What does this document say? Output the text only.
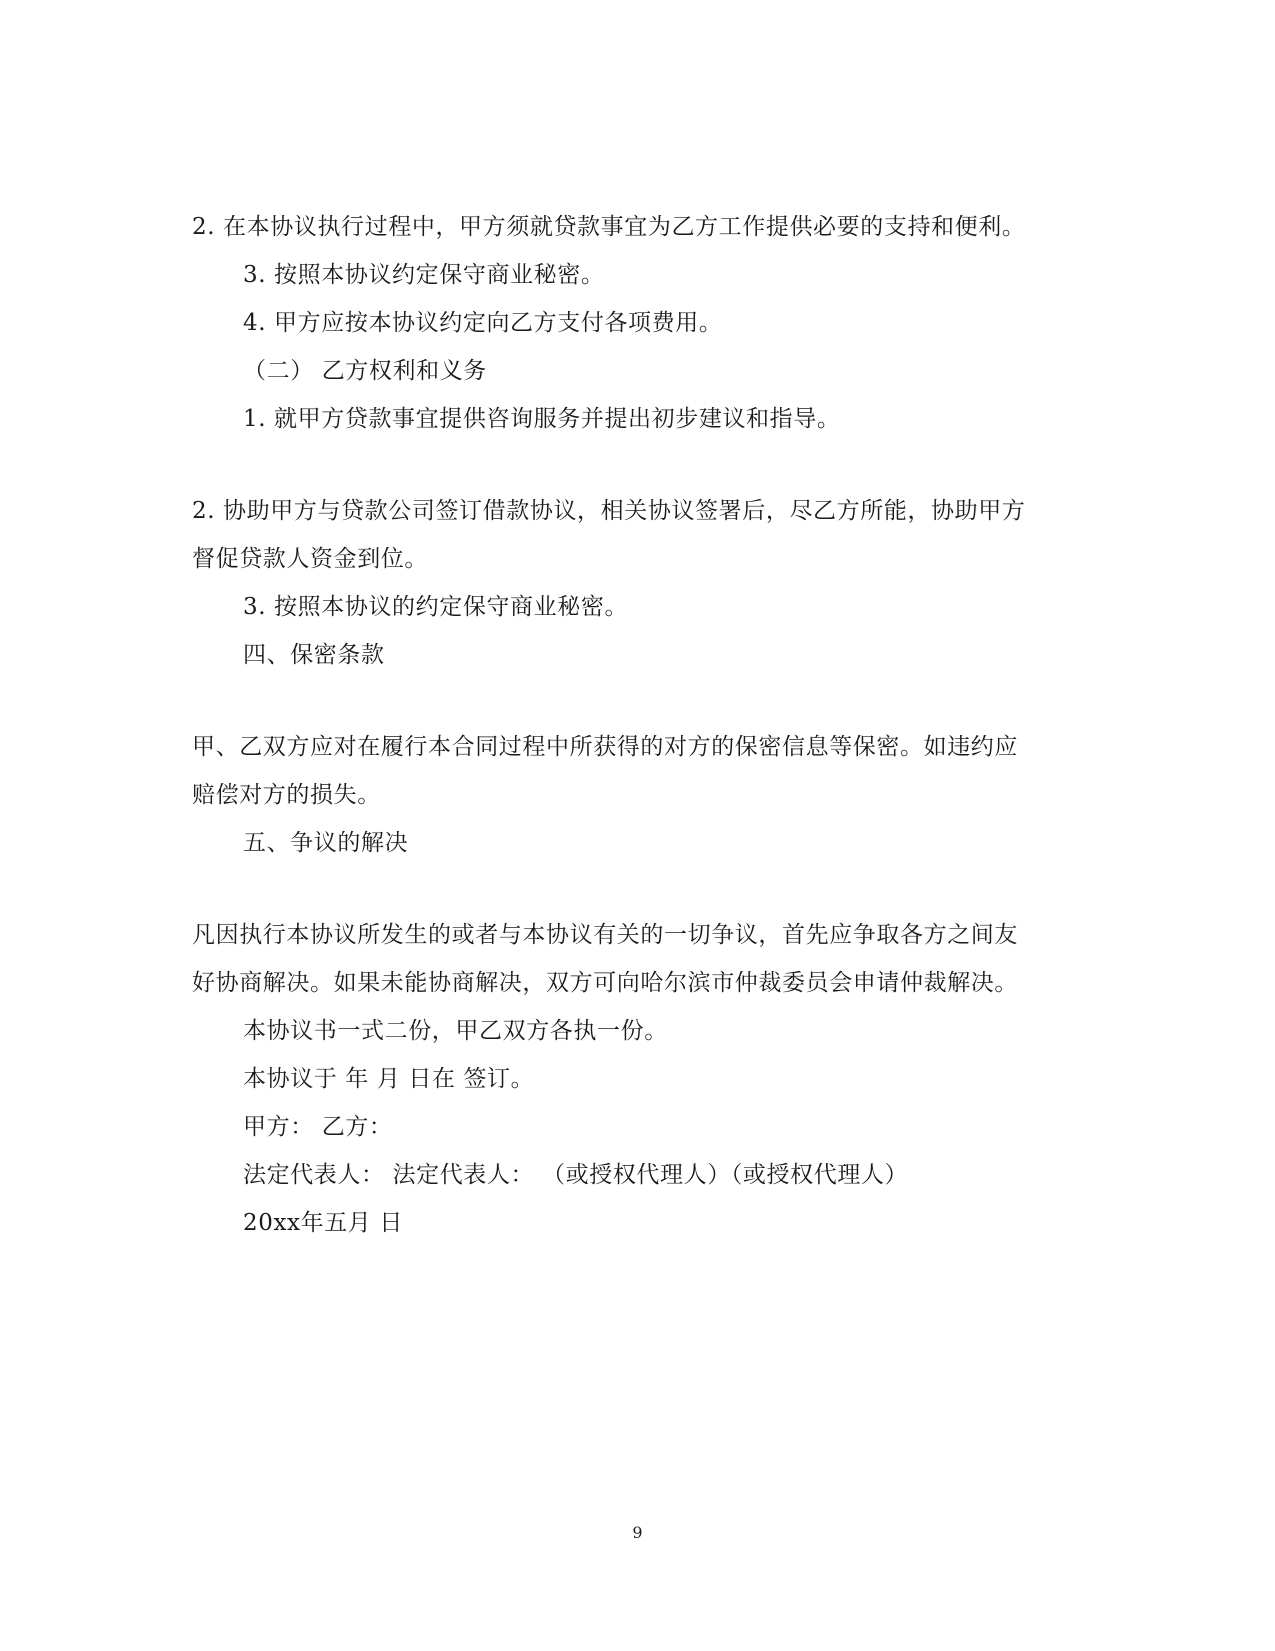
2. 在本协议执行过程中，甲方须就贷款事宜为乙方工作提供必要的支持和便利。
3. 按照本协议约定保守商业秘密。
4. 甲方应按本协议约定向乙方支付各项费用。
（二） 乙方权利和义务
1. 就甲方贷款事宜提供咨询服务并提出初步建议和指导。
2. 协助甲方与贷款公司签订借款协议，相关协议签署后，尽乙方所能，协助甲方
督促贷款人资金到位。
3. 按照本协议的约定保守商业秘密。
四、保密条款
甲、乙双方应对在履行本合同过程中所获得的对方的保密信息等保密。如违约应
赔偿对方的损失。
五、争议的解决
凡因执行本协议所发生的或者与本协议有关的一切争议，首先应争取各方之间友
好协商解决。如果未能协商解决，双方可向哈尔滨市仲裁委员会申请仲裁解决。
本协议书一式二份，甲乙双方各执一份。
本协议于 年 月 日在 签订。
甲方： 乙方：
法定代表人： 法定代表人： （或授权代理人）（或授权代理人）
20xx年五月 日
9
